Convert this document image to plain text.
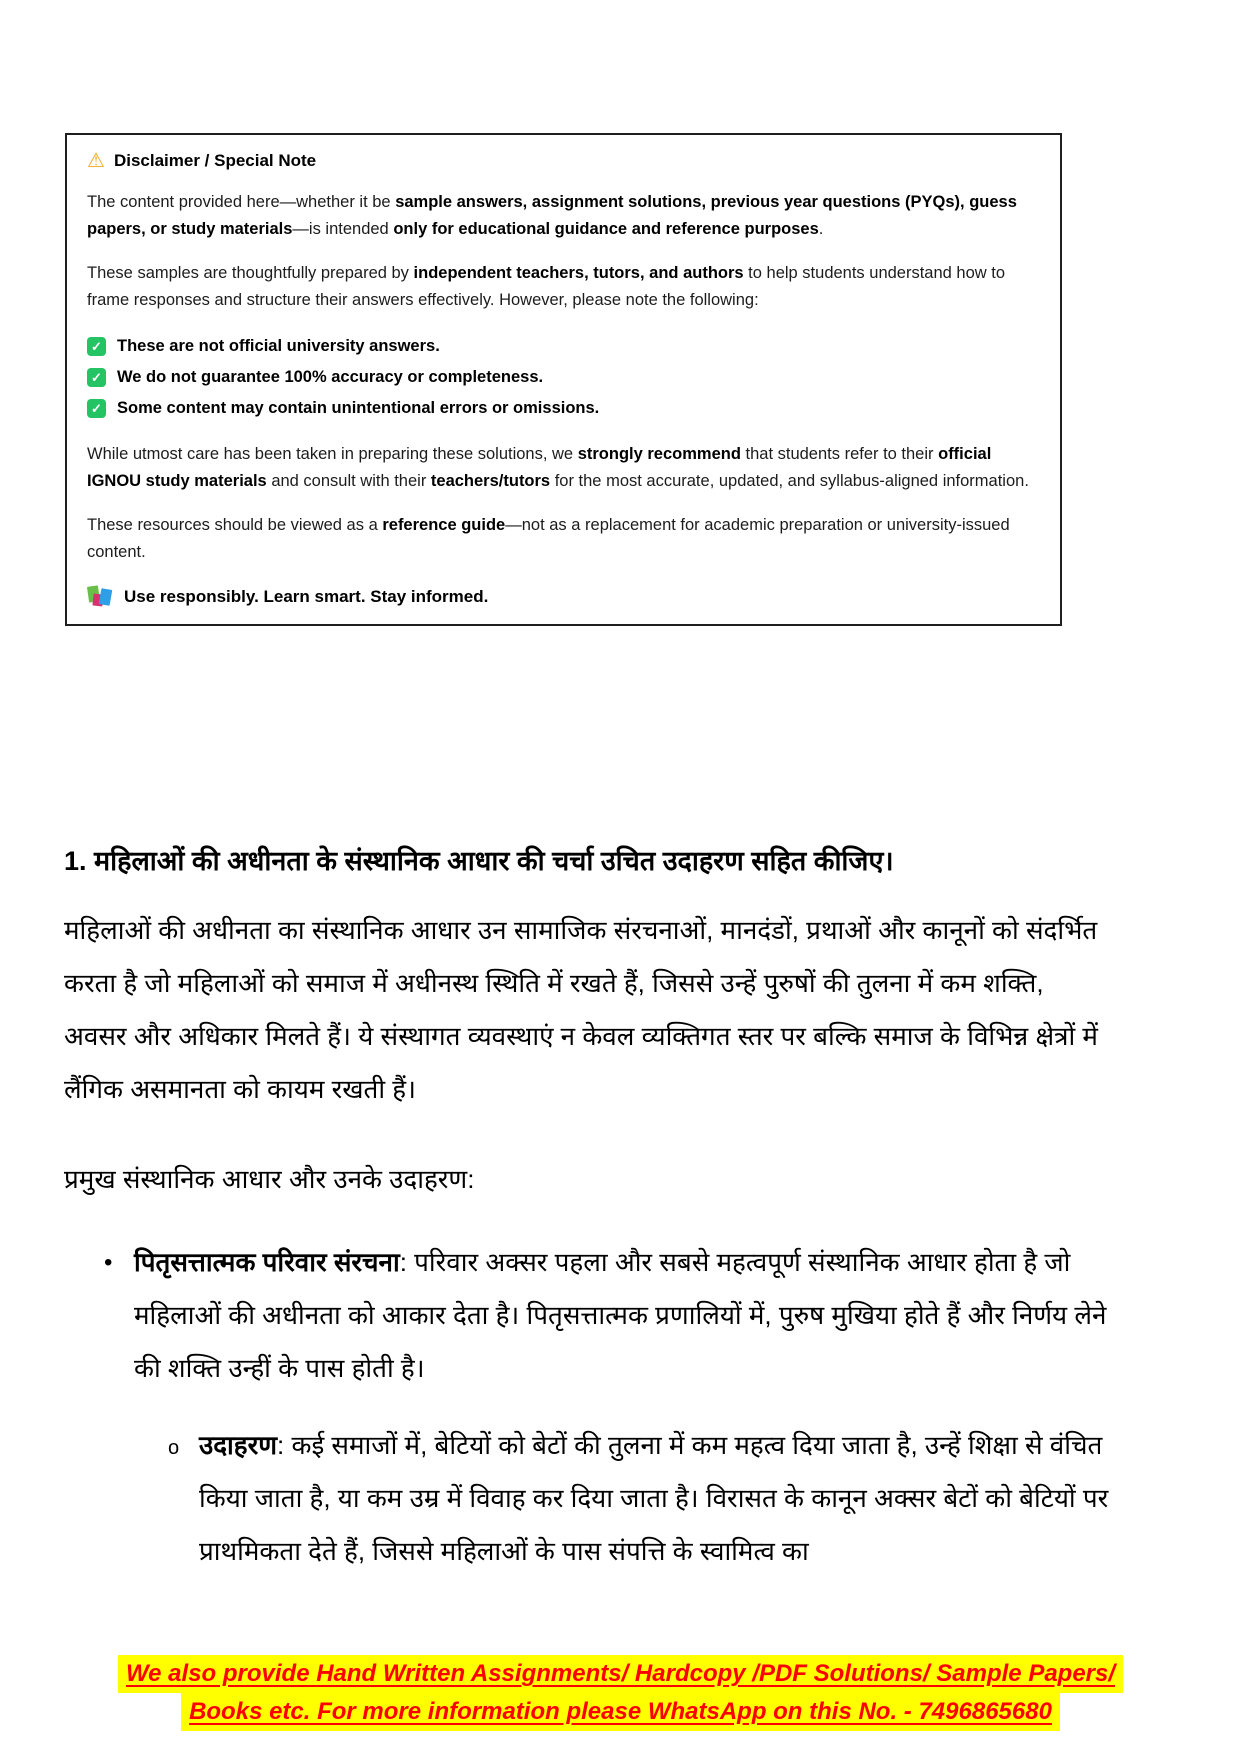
⚠ Disclaimer / Special Note

The content provided here—whether it be sample answers, assignment solutions, previous year questions (PYQs), guess papers, or study materials—is intended only for educational guidance and reference purposes.

These samples are thoughtfully prepared by independent teachers, tutors, and authors to help students understand how to frame responses and structure their answers effectively. However, please note the following:

✓ These are not official university answers.
✓ We do not guarantee 100% accuracy or completeness.
✓ Some content may contain unintentional errors or omissions.

While utmost care has been taken in preparing these solutions, we strongly recommend that students refer to their official IGNOU study materials and consult with their teachers/tutors for the most accurate, updated, and syllabus-aligned information.

These resources should be viewed as a reference guide—not as a replacement for academic preparation or university-issued content.

Use responsibly. Learn smart. Stay informed.
1. महिलाओं की अधीनता के संस्थानिक आधार की चर्चा उचित उदाहरण सहित कीजिए।

महिलाओं की अधीनता का संस्थानिक आधार उन सामाजिक संरचनाओं, मानदंडों, प्रथाओं और कानूनों को संदर्भित करता है जो महिलाओं को समाज में अधीनस्थ स्थिति में रखते हैं, जिससे उन्हें पुरुषों की तुलना में कम शक्ति, अवसर और अधिकार मिलते हैं। ये संस्थागत व्यवस्थाएं न केवल व्यक्तिगत स्तर पर बल्कि समाज के विभिन्न क्षेत्रों में लैंगिक असमानता को कायम रखती हैं।

प्रमुख संस्थानिक आधार और उनके उदाहरण:

• पितृसत्तात्मक परिवार संरचना: परिवार अक्सर पहला और सबसे महत्वपूर्ण संस्थानिक आधार होता है जो महिलाओं की अधीनता को आकार देता है। पितृसत्तात्मक प्रणालियों में, पुरुष मुखिया होते हैं और निर्णय लेने की शक्ति उन्हीं के पास होती है।
o उदाहरण: कई समाजों में, बेटियों को बेटों की तुलना में कम महत्व दिया जाता है, उन्हें शिक्षा से वंचित किया जाता है, या कम उम्र में विवाह कर दिया जाता है। विरासत के कानून अक्सर बेटों को बेटियों पर प्राथमिकता देते हैं, जिससे महिलाओं के पास संपत्ति के स्वामित्व का
We also provide Hand Written Assignments/ Hardcopy /PDF Solutions/ Sample Papers/
Books etc. For more information please WhatsApp on this No. - 7496865680
